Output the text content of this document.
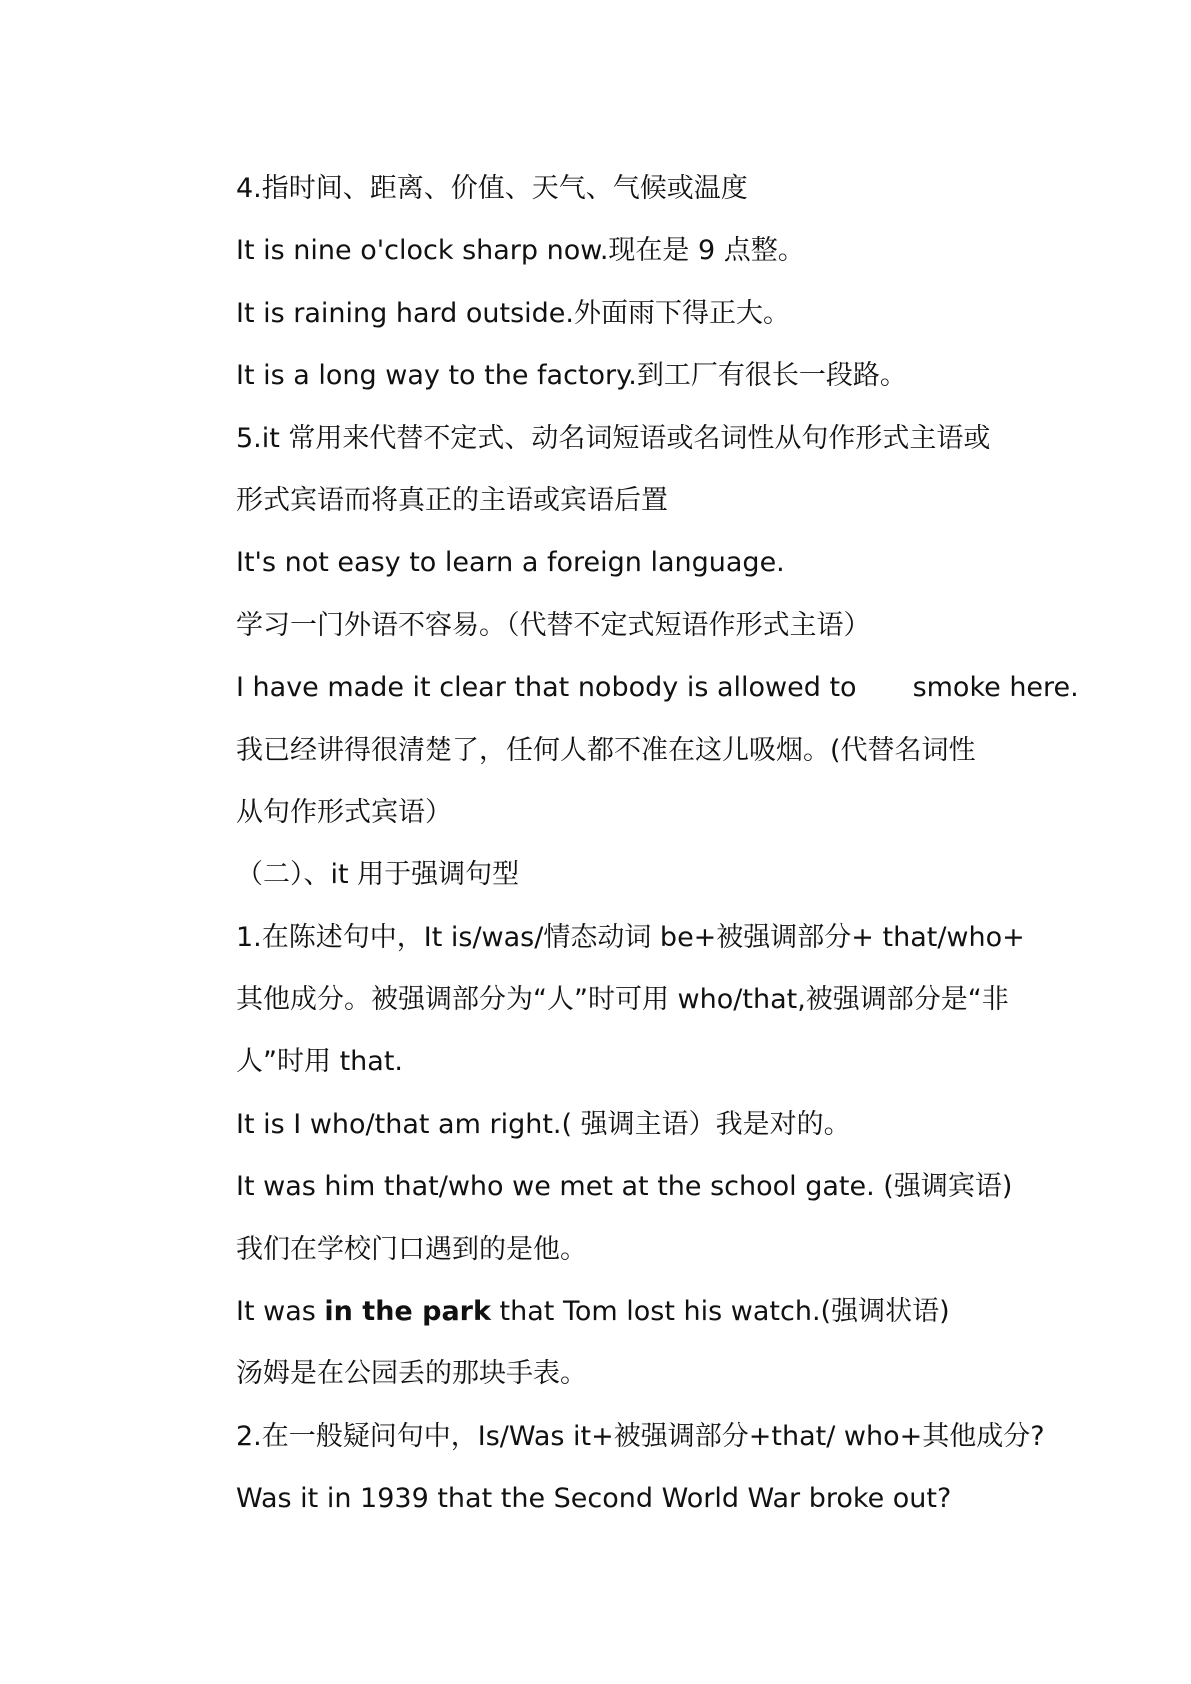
4.指时间、距离、价值、天气、气候或温度
It is nine o'clock sharp now.现在是 9 点整。
It is raining hard outside.外面雨下得正大。
It is a long way to the factory.到工厂有很长一段路。
5.it 常用来代替不定式、动名词短语或名词性从句作形式主语或
形式宾语而将真正的主语或宾语后置
It's not easy to learn a foreign language.
学习一门外语不容易。（代替不定式短语作形式主语）
I have made it clear that nobody is allowed to smoke here.
我已经讲得很清楚了，任何人都不准在这儿吸烟。(代替名词性
从句作形式宾语）
（二）、it 用于强调句型
1.在陈述句中，It is/was/情态动词 be+被强调部分+ that/who+
其他成分。被强调部分为“人”时可用 who/that,被强调部分是“非
人”时用 that.
It is I who/that am right.( 强调主语）我是对的。
It was him that/who we met at the school gate. (强调宾语)
我们在学校门口遇到的是他。
It was in the park that Tom lost his watch.(强调状语)
汤姆是在公园丢的那块手表。
2.在一般疑问句中，Is/Was it+被强调部分+that/ who+其他成分?
Was it in 1939 that the Second World War broke out?
